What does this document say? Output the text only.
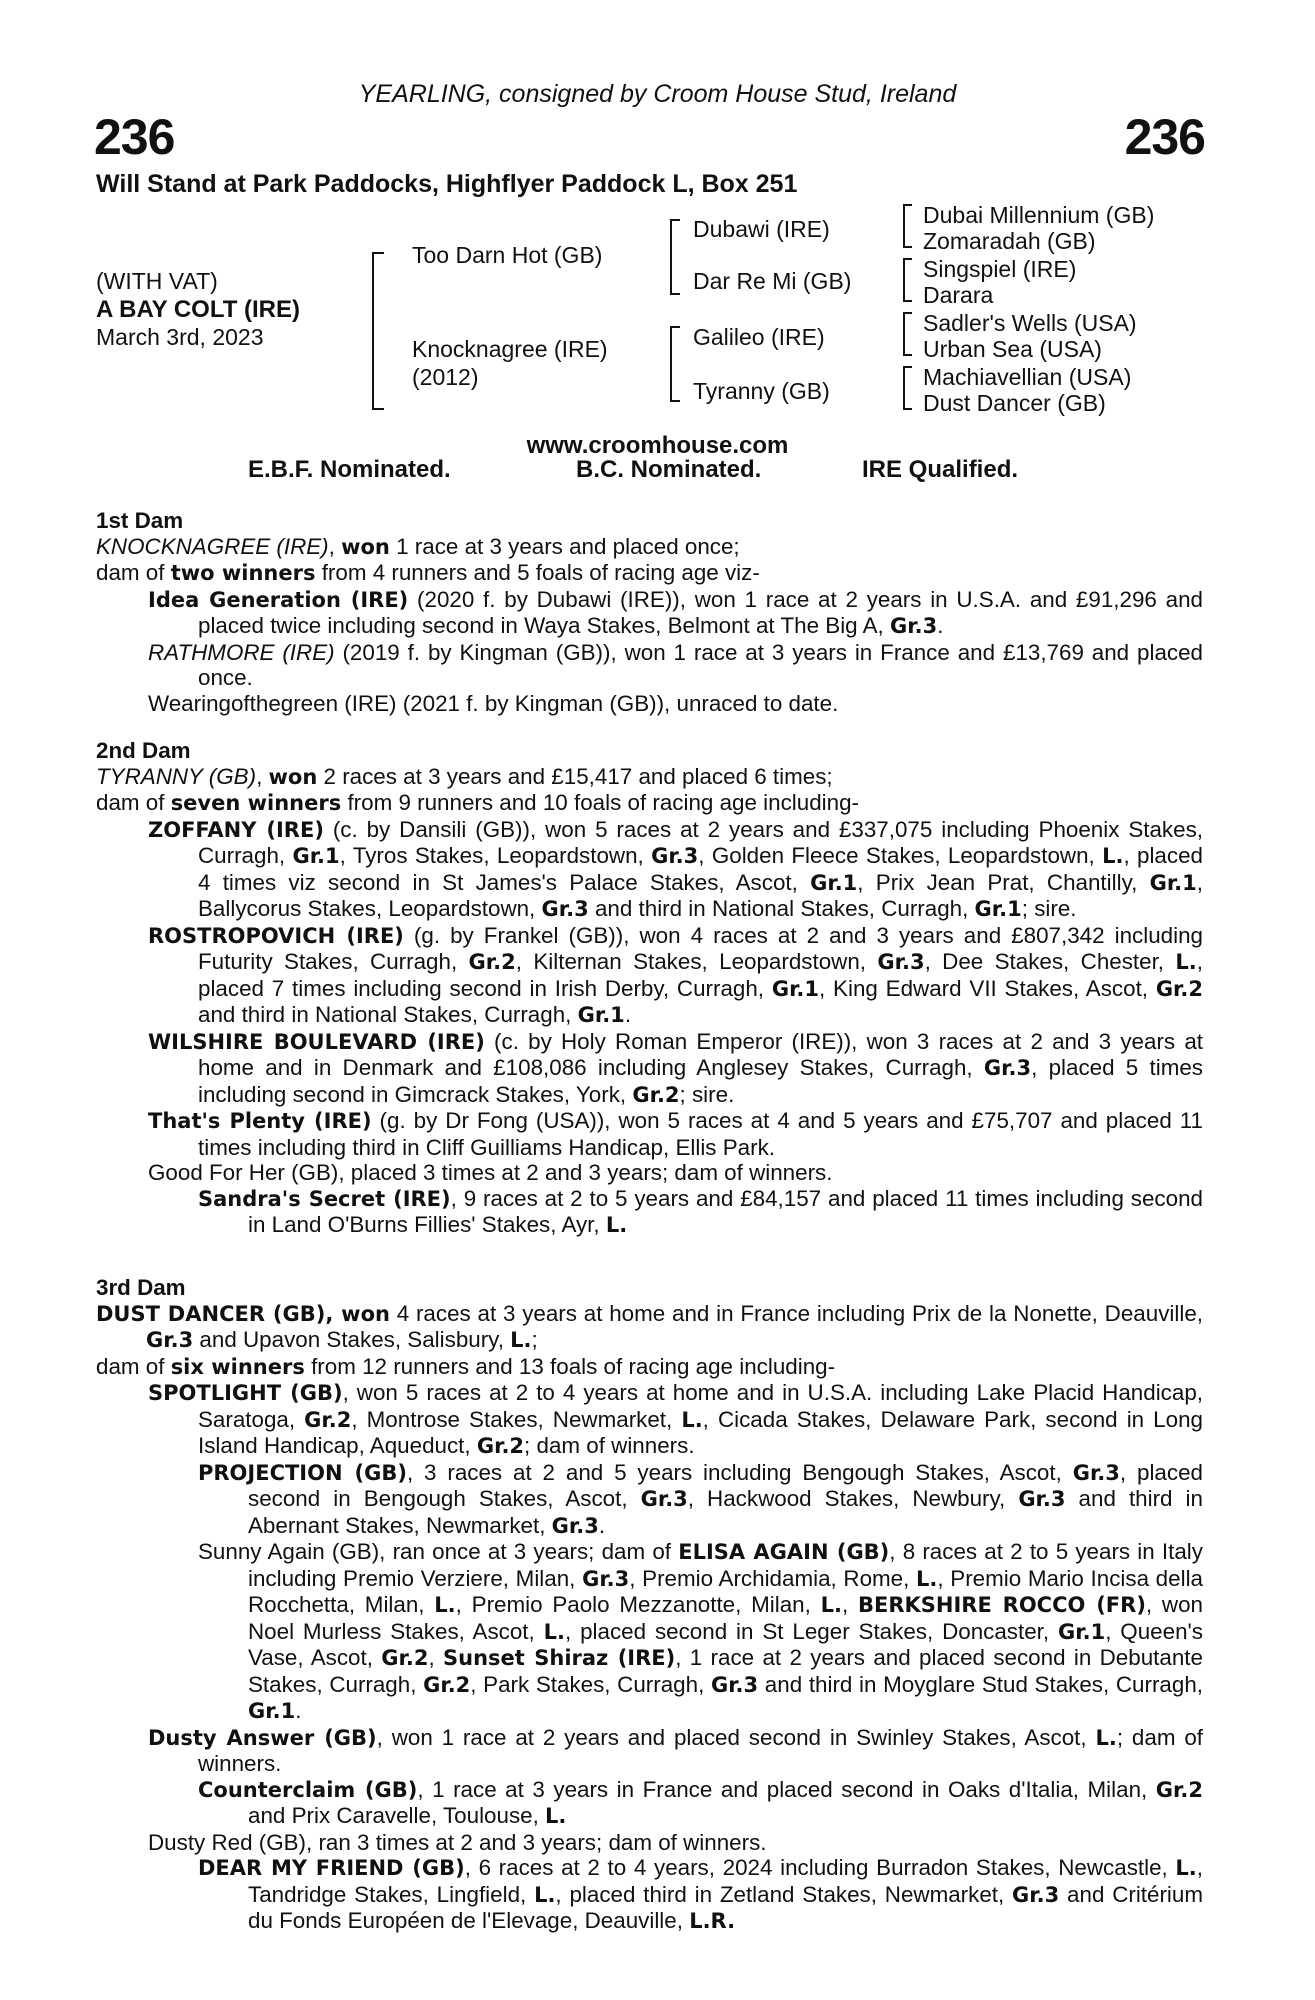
YEARLING, consigned by Croom House Stud, Ireland
236	236
Will Stand at Park Paddocks, Highflyer Paddock L, Box 251
(WITH VAT)
A BAY COLT (IRE)
March 3rd, 2023
Too Darn Hot (GB)
Knocknagree (IRE)
(2012)
Dubawi (IRE)
Dar Re Mi (GB)
Galileo (IRE)
Tyranny (GB)
Dubai Millennium (GB)
Zomaradah (GB)
Singspiel (IRE)
Darara
Sadler's Wells (USA)
Urban Sea (USA)
Machiavellian (USA)
Dust Dancer (GB)
www.croomhouse.com
E.B.F. Nominated.	B.C. Nominated.	IRE Qualified.
1st Dam

KNOCKNAGREE (IRE), won 1 race at 3 years and placed once;

dam of two winners from 4 runners and 5 foals of racing age viz-

Idea Generation (IRE) (2020 f. by Dubawi (IRE)), won 1 race at 2 years in U.S.A. and £91,296 and placed twice including second in Waya Stakes, Belmont at The Big A, Gr.3.

RATHMORE (IRE) (2019 f. by Kingman (GB)), won 1 race at 3 years in France and £13,769 and placed once.

Wearingofthegreen (IRE) (2021 f. by Kingman (GB)), unraced to date.

2nd Dam

TYRANNY (GB), won 2 races at 3 years and £15,417 and placed 6 times;

dam of seven winners from 9 runners and 10 foals of racing age including-

ZOFFANY (IRE) (c. by Dansili (GB)), won 5 races at 2 years and £337,075 including Phoenix Stakes, Curragh, Gr.1, Tyros Stakes, Leopardstown, Gr.3, Golden Fleece Stakes, Leopardstown, L., placed 4 times viz second in St James's Palace Stakes, Ascot, Gr.1, Prix Jean Prat, Chantilly, Gr.1, Ballycorus Stakes, Leopardstown, Gr.3 and third in National Stakes, Curragh, Gr.1; sire.

ROSTROPOVICH (IRE) (g. by Frankel (GB)), won 4 races at 2 and 3 years and £807,342 including Futurity Stakes, Curragh, Gr.2, Kilternan Stakes, Leopardstown, Gr.3, Dee Stakes, Chester, L., placed 7 times including second in Irish Derby, Curragh, Gr.1, King Edward VII Stakes, Ascot, Gr.2 and third in National Stakes, Curragh, Gr.1.

WILSHIRE BOULEVARD (IRE) (c. by Holy Roman Emperor (IRE)), won 3 races at 2 and 3 years at home and in Denmark and £108,086 including Anglesey Stakes, Curragh, Gr.3, placed 5 times including second in Gimcrack Stakes, York, Gr.2; sire.

That's Plenty (IRE) (g. by Dr Fong (USA)), won 5 races at 4 and 5 years and £75,707 and placed 11 times including third in Cliff Guilliams Handicap, Ellis Park.

Good For Her (GB), placed 3 times at 2 and 3 years; dam of winners.

Sandra's Secret (IRE), 9 races at 2 to 5 years and £84,157 and placed 11 times including second in Land O'Burns Fillies' Stakes, Ayr, L.

3rd Dam

DUST DANCER (GB), won 4 races at 3 years at home and in France including Prix de la Nonette, Deauville, Gr.3 and Upavon Stakes, Salisbury, L.;

dam of six winners from 12 runners and 13 foals of racing age including-

SPOTLIGHT (GB), won 5 races at 2 to 4 years at home and in U.S.A. including Lake Placid Handicap, Saratoga, Gr.2, Montrose Stakes, Newmarket, L., Cicada Stakes, Delaware Park, second in Long Island Handicap, Aqueduct, Gr.2; dam of winners.

PROJECTION (GB), 3 races at 2 and 5 years including Bengough Stakes, Ascot, Gr.3, placed second in Bengough Stakes, Ascot, Gr.3, Hackwood Stakes, Newbury, Gr.3 and third in Abernant Stakes, Newmarket, Gr.3.

Sunny Again (GB), ran once at 3 years; dam of ELISA AGAIN (GB), 8 races at 2 to 5 years in Italy including Premio Verziere, Milan, Gr.3, Premio Archidamia, Rome, L., Premio Mario Incisa della Rocchetta, Milan, L., Premio Paolo Mezzanotte, Milan, L., BERKSHIRE ROCCO (FR), won Noel Murless Stakes, Ascot, L., placed second in St Leger Stakes, Doncaster, Gr.1, Queen's Vase, Ascot, Gr.2, Sunset Shiraz (IRE), 1 race at 2 years and placed second in Debutante Stakes, Curragh, Gr.2, Park Stakes, Curragh, Gr.3 and third in Moyglare Stud Stakes, Curragh, Gr.1.

Dusty Answer (GB), won 1 race at 2 years and placed second in Swinley Stakes, Ascot, L.; dam of winners.

Counterclaim (GB), 1 race at 3 years in France and placed second in Oaks d'Italia, Milan, Gr.2 and Prix Caravelle, Toulouse, L.

Dusty Red (GB), ran 3 times at 2 and 3 years; dam of winners.

DEAR MY FRIEND (GB), 6 races at 2 to 4 years, 2024 including Burradon Stakes, Newcastle, L., Tandridge Stakes, Lingfield, L., placed third in Zetland Stakes, Newmarket, Gr.3 and Critérium du Fonds Européen de l'Elevage, Deauville, L.R.
